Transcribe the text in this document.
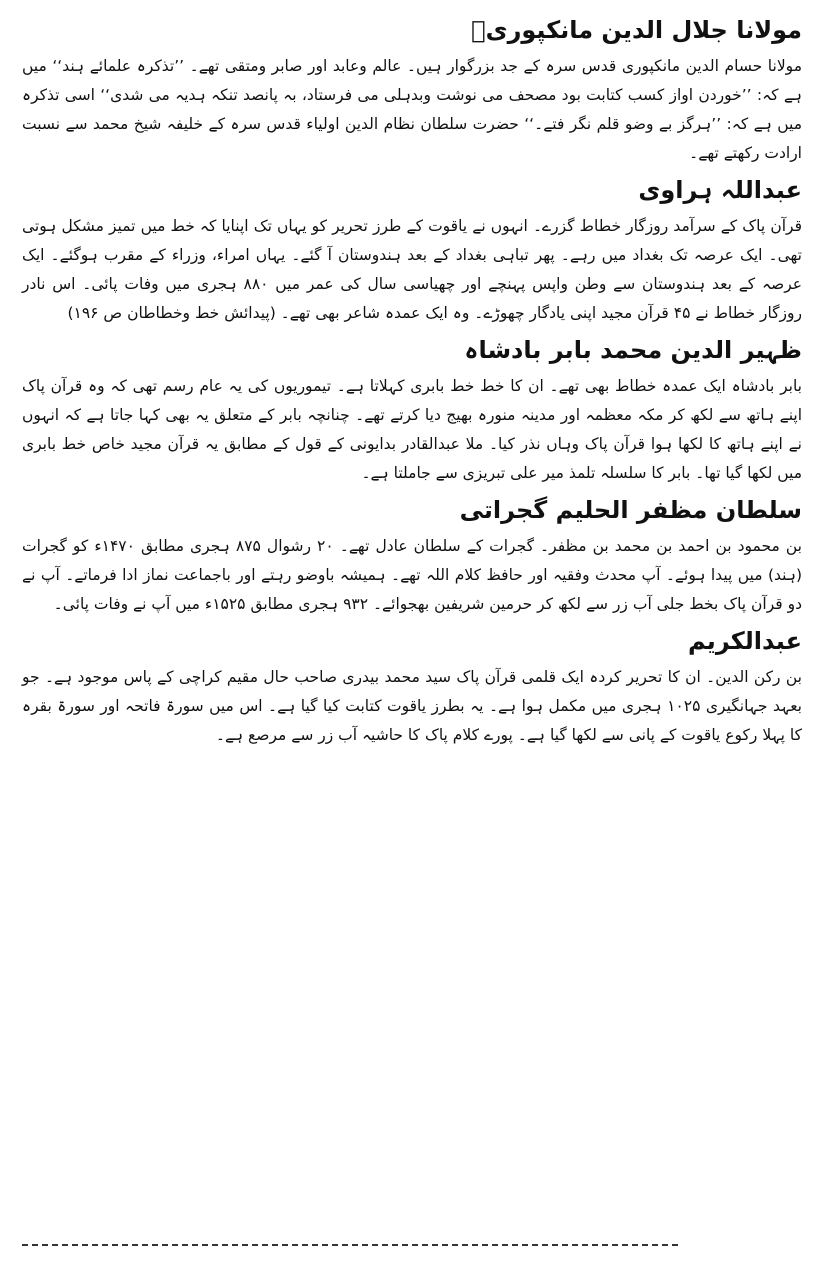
مولانا جلال الدین مانکپوریؒ

مولانا حسام الدین مانکپوری قدس سرہ کے جد بزرگوار ہیں۔ عالم وعابد اور صابر ومتقی تھے۔ ’’تذکرہ علمائے ہند‘‘ میں ہے کہ: ’’خوردن اواز کسب کتابت بود مصحف می نوشت وبدہلی می فرستاد، بہ پانصد تنکہ ہدیہ می شدی‘‘ اسی تذکرہ میں ہے کہ: ’’ہرگز بے وضو قلم نگر فتے۔‘‘ حضرت سلطان نظام الدین اولیاء قدس سرہ کے خلیفہ شیخ محمد سے نسبت ارادت رکھتے تھے۔

عبداللہ ہراوی

قرآن پاک کے سرآمد روزگار خطاط گزرے۔ انہوں نے یاقوت کے طرز تحریر کو یہاں تک اپنایا کہ خط میں تمیز مشکل ہوتی تھی۔ ایک عرصہ تک بغداد میں رہے۔ پھر تباہی بغداد کے بعد ہندوستان آ گئے۔ یہاں امراء، وزراء کے مقرب ہوگئے۔ ایک عرصہ کے بعد ہندوستان سے وطن واپس پہنچے اور چھیاسی سال کی عمر میں ۸۸۰ ہجری میں وفات پائی۔ اس نادر روزگار خطاط نے ۴۵ قرآن مجید اپنی یادگار چھوڑے۔ وہ ایک عمدہ شاعر بھی تھے۔ (پیدائش خط وخطاطان ص ۱۹۶)

ظہیر الدین محمد بابر بادشاہ

بابر بادشاہ ایک عمدہ خطاط بھی تھے۔ ان کا خط خط بابری کہلاتا ہے۔ تیموریوں کی یہ عام رسم تھی کہ وہ قرآن پاک اپنے ہاتھ سے لکھ کر مکہ معظمہ اور مدینہ منورہ بھیج دیا کرتے تھے۔ چنانچہ بابر کے متعلق یہ بھی کہا جاتا ہے کہ انہوں نے اپنے ہاتھ کا لکھا ہوا قرآن پاک وہاں نذر کیا۔ ملا عبدالقادر بدایونی کے قول کے مطابق یہ قرآن مجید خاص خط بابری میں لکھا گیا تھا۔ بابر کا سلسلہ تلمذ میر علی تبریزی سے جاملتا ہے۔

سلطان مظفر الحلیم گجراتی

بن محمود بن احمد بن محمد بن مظفر۔ گجرات کے سلطان عادل تھے۔ ۲۰ رشوال ۸۷۵ ہجری مطابق ۱۴۷۰ء کو گجرات (ہند) میں پیدا ہوئے۔ آپ محدث وفقیہ اور حافظ کلام اللہ تھے۔ ہمیشہ باوضو رہتے اور باجماعت نماز ادا فرماتے۔ آپ نے دو قرآن پاک بخط جلی آب زر سے لکھ کر حرمین شریفین بھجوائے۔ ۹۳۲ ہجری مطابق ۱۵۲۵ء میں آپ نے وفات پائی۔

عبدالکریم

بن رکن الدین۔ ان کا تحریر کردہ ایک قلمی قرآن پاک سید محمد بیدری صاحب حال مقیم کراچی کے پاس موجود ہے۔ جو بعہد جہانگیری ۱۰۲۵ ہجری میں مکمل ہوا ہے۔ یہ بطرز یاقوت کتابت کیا گیا ہے۔ اس میں سورۃ فاتحہ اور سورۃ بقرہ کا پہلا رکوع یاقوت کے پانی سے لکھا گیا ہے۔ پورے کلام پاک کا حاشیہ آب زر سے مرصع ہے۔
